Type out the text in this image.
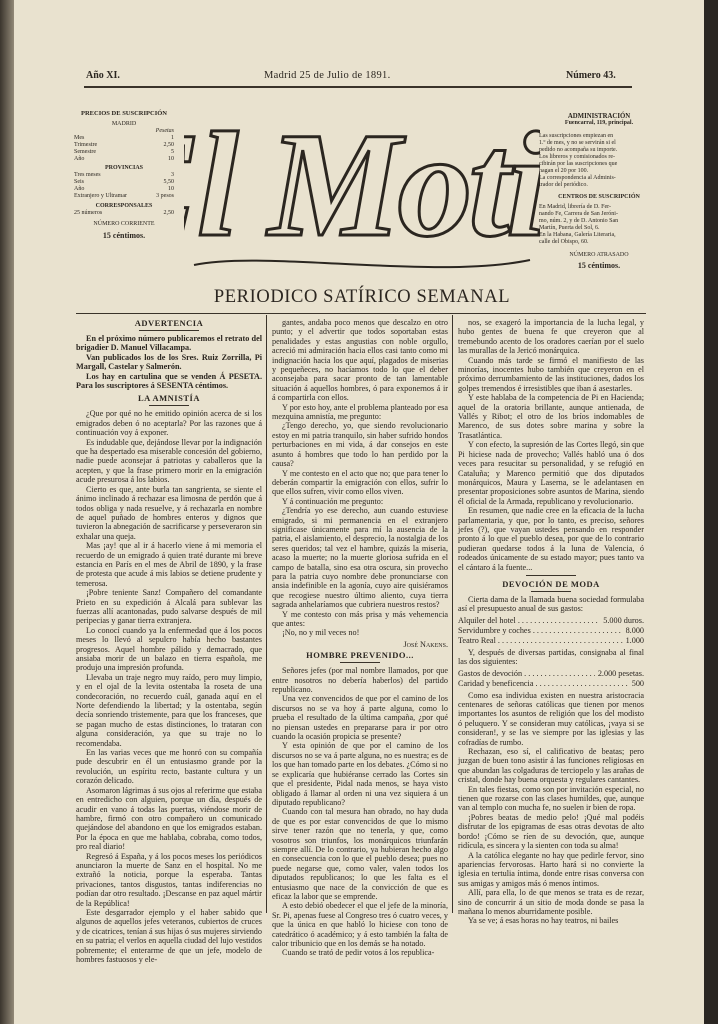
Año XI.	Madrid 25 de Julio de 1891.	Número 43.
PRECIOS DE SUSCRIPCIÓN
MADRID
Pesetas
Mes	1
Trimestre	2,50
Semestre	5
Año	10
PROVINCIAS
Tres meses	3
Seis	5,50
Año	10
Extranjero y Ultramar	3 pesos
CORRESPONSALES
25 números	2,50
NÚMERO CORRIENTE
15 céntimos. l Moti
PERIODICO SATÍRICO SEMANAL
ADMINISTRACIÓN
Fuencarral, 119, principal.
Las suscripciones empiezan en
1.º de mes, y no se servirán si el
pedido no acompaña su importe.
Los libreros y comisionados re-
cibirán por las suscripciones que
hagan el 20 por 100.
La correspondencia al Adminis-
trador del periódico.
CENTROS DE SUSCRIPCIÓN
En Madrid, librería de D. Fer-
nando Fe, Carrera de San Jeróni-
mo, núm. 2, y de D. Antonio San
Martín, Puerta del Sol, 6.
En la Habana, Galería Literaria,
calle del Obispo, 60.
NÚMERO ATRASADO
15 céntimos.
ADVERTENCIA
En el próximo número publicaremos el retrato del brigadier D. Manuel Villacampa.
Van publicados los de los Sres. Ruiz Zorrilla, Pi Margall, Castelar y Salmerón.
Los hay en cartulina que se venden Á PESETA. Para los suscriptores á SESENTA céntimos.
LA AMNISTÍA
¿Que por qué no he emitido opinión acerca de si los emigrados deben ó no aceptarla? Por las razones que á continuación voy á exponer.
Es indudable que, dejándose llevar por la indignación que ha despertado esa miserable concesión del gobierno, nadie puede aconsejar á patriotas y caballeros que la acepten, y que la frase primero morir en la emigración acude presurosa á los labios.
Cierto es que, ante burla tan sangrienta, se siente el ánimo inclinado á rechazar esa limosna de perdón que á todos obliga y nada resuelve, y á rechazarla en nombre de aquel puñado de hombres enteros y dignos que tuvieron la abnegación de sacrificarse y perseveraron sin exhalar una queja.
Mas ¡ay! que al ir á hacerlo viene á mi memoria el recuerdo de un emigrado á quien traté durante mi breve estancia en París en el mes de Abril de 1890, y la frase de protesta que acude á mis labios se detiene prudente y temerosa.
¡Pobre teniente Sanz! Compañero del comandante Prieto en su expedición á Alcalá para sublevar las fuerzas allí acantonadas, pudo salvarse después de mil peripecias y ganar tierra extranjera.
Lo conocí cuando ya la enfermedad que á los pocos meses lo llevó al sepulcro había hecho bastantes progresos. Aquel hombre pálido y demacrado, que ansiaba morir de un balazo en tierra española, me produjo una impresión profunda.
Llevaba un traje negro muy raído, pero muy limpio, y en el ojal de la levita ostentaba la roseta de una condecoración, no recuerdo cuál, ganada aquí en el Norte defendiendo la libertad; y la ostentaba, según decía sonriendo tristemente, para que los franceses, que se pagan mucho de estas distinciones, lo trataran con alguna consideración, ya que su traje no lo recomendaba.
En las varias veces que me honró con su compañía pude descubrir en él un entusiasmo grande por la revolución, un espíritu recto, bastante cultura y un corazón delicado.
Asomaron lágrimas á sus ojos al referirme que estaba en entredicho con alguien, porque un día, después de acudir en vano á todas las puertas, viéndose morir de hambre, firmó con otro compañero un comunicado quejándose del abandono en que los emigrados estaban. Por la época en que me hablaba, cobraba, como todos, pro real diario!
Regresó á España, y á los pocos meses los periódicos anunciaron la muerte de Sanz en el hospital. No me extrañó la noticia, porque la esperaba. Tantas privaciones, tantos disgustos, tantas indiferencias no podían dar otro resultado. ¡Descanse en paz aquel mártir de la República!
Este desgarrador ejemplo y el haber sabido que algunos de aquellos jefes veteranos, cubiertos de cruces y de cicatrices, tenían á sus hijas ó sus mujeres sirviendo en su patria; el verlos en aquella ciudad del lujo vestidos pobremente; el enterarme de que un jefe, modelo de hombres fastuosos y ele-
gantes, andaba poco menos que descalzo en otro punto; y el advertir que todos soportaban estas penalidades y estas angustias con noble orgullo, acreció mi admiración hacia ellos casi tanto como mi indignación hacia los que aquí, plagados de miserias y pequeñeces, no hacíamos todo lo que el deber aconsejaba para sacar pronto de tan lamentable situación á aquellos hombres, ó para exponernos á ir á compartirla con ellos.
Y por esto hoy, ante el problema planteado por esa mezquina amnistía, me pregunto:
¿Tengo derecho, yo, que siendo revolucionario estoy en mi patria tranquilo, sin haber sufrido hondos perturbaciones en mi vida, á dar consejos en este asunto á hombres que todo lo han perdido por la causa?
Y me contesto en el acto que no; que para tener lo deberán compartir la emigración con ellos, sufrir lo que ellos sufren, vivir como ellos viven.
Y á continuación me pregunto:
¿Tendría yo ese derecho, aun cuando estuviese emigrado, si mi permanencia en el extranjero significase únicamente para mí la ausencia de la patria, el aislamiento, el desprecio, la nostalgia de los seres queridos; tal vez el hambre, quizás la miseria, acaso la muerte; no la muerte gloriosa sufrida en el campo de batalla, sino esa otra oscura, sin provecho para la patria cuyo nombre debe pronunciarse con ansia indefinible en la agonía, cuyo aire quisiéramos que recogiese nuestro último aliento, cuya tierra sagrada anhelaríamos que cubriera nuestros restos?
Y me contesto con más prisa y más vehemencia que antes:
¡No, no y mil veces no!
José Nakens.
HOMBRE PREVENIDO...
Señores jefes (por mal nombre llamados, por que entre nosotros no debería haberlos) del partido republicano.
Una vez convencidos de que por el camino de los discursos no se va hoy á parte alguna, como lo prueba el resultado de la última campaña, ¿por qué no piensan ustedes en prepararse para ir por otro cuando la ocasión propicia se presente?
Y esta opinión de que por el camino de los discursos no se va á parte alguna, no es nuestra; es de los que han tomado parte en los debates. ¿Cómo si no se explicaría que hubiéranse cerrado las Cortes sin que el presidente, Pidal nada menos, se haya visto obligado á llamar al orden ni una vez siquiera á un diputado republicano?
Cuando con tal mesura han obrado, no hay duda de que es por estar convencidos de que lo mismo sirve tener razón que no tenerla, y que, como vosotros son triunfos, los monárquicos triunfarán siempre allí. De lo contrario, ya hubieran hecho algo en consecuencia con lo que el pueblo desea; pues no puede negarse que, como valer, valen todos los diputados republicanos; lo que les falta es el entusiasmo que nace de la convicción de que es eficaz la labor que se emprende.
A esto debió obedecer el que el jefe de la minoría, Sr. Pi, apenas fuese al Congreso tres ó cuatro veces, y que la única en que habló lo hiciese con tono de catedrático ó académico; y á esto también la falta de calor tribunicio que en los demás se ha notado.
Cuando se trató de pedir votos á los republica-
nos, se exageró la importancia de la lucha legal, y hubo gentes de buena fe que creyeron que al tremebundo acento de los oradores caerían por el suelo las murallas de la Jericó monárquica.
Cuando más tarde se firmó el manifiesto de las minorías, inocentes hubo también que creyeron en el próximo derrumbamiento de las instituciones, dados los golpes tremendos é irresistibles que iban á asestarles.
Y este hablaba de la competencia de Pi en Hacienda; aquel de la oratoria brillante, aunque antienada, de Vallés y Ribot; el otro de los bríos indomables de Marenco, de sus dotes sobre marina y sobre la Trasatlántica.
Y con efecto, la supresión de las Cortes llegó, sin que Pi hiciese nada de provecho; Vallés habló una ó dos veces para resucitar su personalidad, y se refugió en Cataluña; y Marenco permitió que dos diputados monárquicos, Maura y Laserna, se le adelantasen en presentar proposiciones sobre asuntos de Marina, siendo él oficial de la Armada, republicano y revolucionario.
En resumen, que nadie cree en la eficacia de la lucha parlamentaria, y que, por lo tanto, es preciso, señores jefes (?), que vayan ustedes pensando en responder pronto á lo que el pueblo desea, por que de lo contrario pudieran quedarse todos á la luna de Valencia, ó rodeados únicamente de su estado mayor; pues tanto va el cántaro á la fuente...
DEVOCIÓN DE MODA
Cierta dama de la llamada buena sociedad formulaba así el presupuesto anual de sus gastos:
Alquiler del hotel . . .	5.000 duros.
Servidumbre y coches . . .	8.000
Teatro Real . . .	1.000
Y, después de diversas partidas, consignaba al final las dos siguientes:
Gastos de devoción . . .	2.000 pesetas.
Caridad y beneficencia . . .	500
Como esa individua existen en nuestra aristocracia centenares de señoras católicas que tienen por menos importantes los asuntos de religión que los del modisto ó peluquero. Y se consideran muy católicas, ¡vaya si se consideran!, y se las ve siempre por las iglesias y las cofradías de rumbo.
Rechazan, eso sí, el calificativo de beatas; pero juzgan de buen tono asistir á las funciones religiosas en que abundan las colgaduras de terciopelo y las arañas de cristal, donde hay buena orquesta y regulares cantantes.
En tales fiestas, como son por invitación especial, no tienen que rozarse con las clases humildes, que, aunque van al templo con mucha fe, no suelen ir bien de ropa.
¡Pobres beatas de medio pelo! ¡Qué mal podéis disfrutar de los epigramas de esas otras devotas de alto bordo! ¡Cómo se ríen de su devoción, que, aunque ridícula, es sincera y la sienten con toda su alma!
A la católica elegante no hay que pedirle fervor, sino apariencias fervorosas. Harto hará si no convierte la iglesia en tertulia íntima, donde entre risas conversa con sus amigas y amigos más ó menos íntimos.
Allí, para ella, lo de que menos se trata es de rezar, sino de concurrir á un sitio de moda donde se pasa la mañana lo menos aburridamente posible.
Ya se ve; á esas horas no hay teatros, ni bailes
